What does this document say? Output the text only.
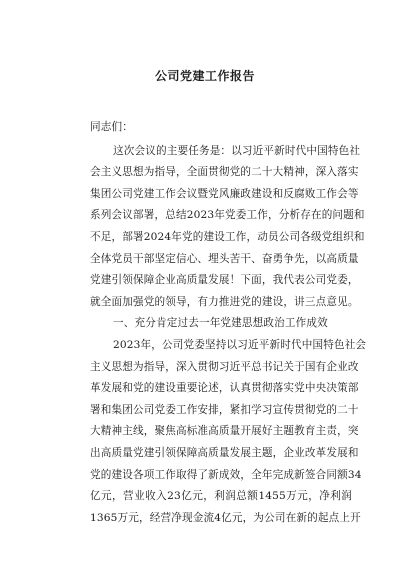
公司党建工作报告
同志们：
这次会议的主要任务是：以习近平新时代中国特色社
会主义思想为指导，全面贯彻党的二十大精神，深入落实
集团公司党建工作会议暨党风廉政建设和反腐败工作会等
系列会议部署，总结2023年党委工作，分析存在的问题和
不足，部署2024年党的建设工作，动员公司各级党组织和
全体党员干部坚定信心、埋头苦干、奋勇争先，以高质量
党建引领保障企业高质量发展！下面，我代表公司党委，
就全面加强党的领导，有力推进党的建设，讲三点意见。
一、充分肯定过去一年党建思想政治工作成效
2023年，公司党委坚持以习近平新时代中国特色社会
主义思想为指导，深入贯彻习近平总书记关于国有企业改
革发展和党的建设重要论述，认真贯彻落实党中央决策部
署和集团公司党委工作安排，紧扣学习宣传贯彻党的二十
大精神主线，聚焦高标准高质量开展好主题教育主责，突
出高质量党建引领保障高质量发展主题，企业改革发展和
党的建设各项工作取得了新成效，全年完成新签合同额34
亿元，营业收入23亿元，利润总额1455万元，净利润
1365万元，经营净现金流4亿元，为公司在新的起点上开
